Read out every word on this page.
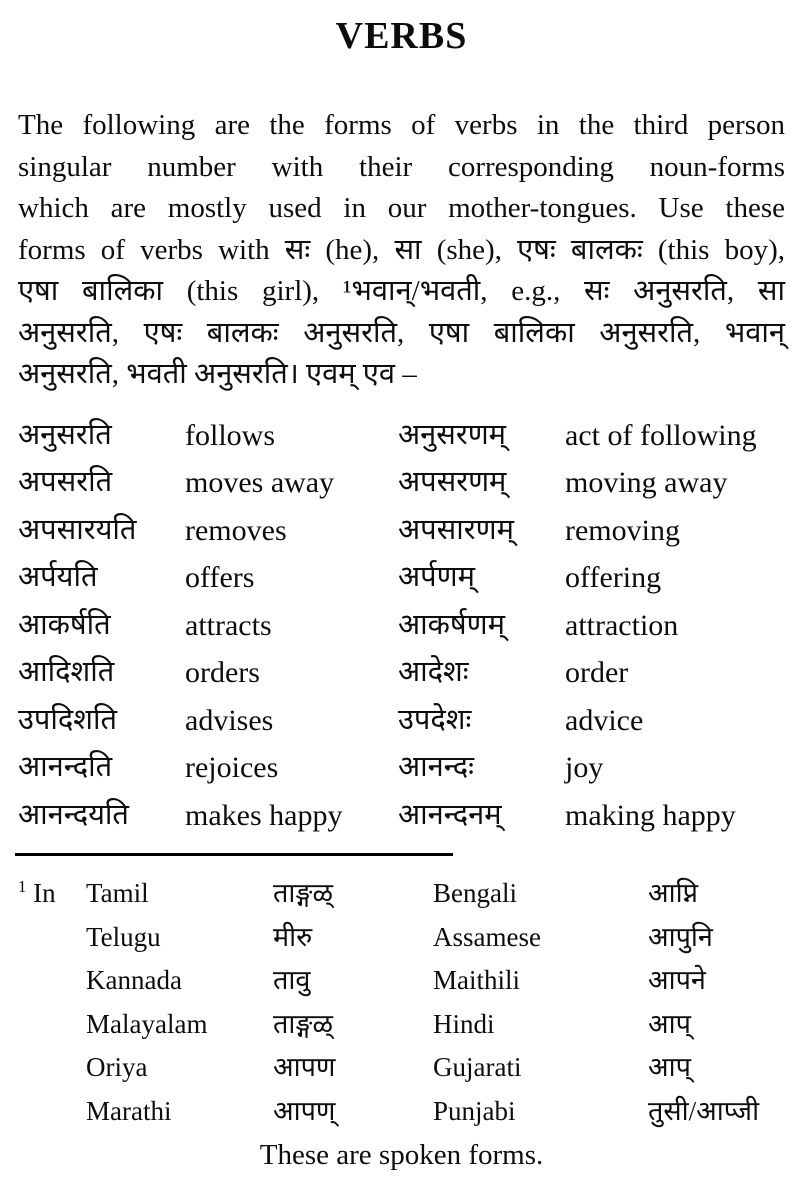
VERBS
The following are the forms of verbs in the third person
singular number with their corresponding noun-forms
which are mostly used in our mother-tongues. Use these
forms of verbs with सः (he), सा (she), एषः बालकः (this boy),
एषा बालिका (this girl), ¹भवान्/भवती, e.g., सः अनुसरति, सा
अनुसरति, एषः बालकः अनुसरति, एषा बालिका अनुसरति, भवान्
अनुसरति, भवती अनुसरति। एवम् एव –
अनुसरति	follows	अनुसरणम्	act of following
अपसरति	moves away	अपसरणम्	moving away
अपसारयति	removes	अपसारणम्	removing
अर्पयति	offers	अर्पणम्	offering
आकर्षति	attracts	आकर्षणम्	attraction
आदिशति	orders	आदेशः	order
उपदिशति	advises	उपदेशः	advice
आनन्दति	rejoices	आनन्दः	joy
आनन्दयति	makes happy	आनन्दनम्	making happy
$^1$ In	Tamil	ताङ्गळ्	Bengali	आप्नि
Telugu	मीरु	Assamese	आपुनि
Kannada	तावु	Maithili	आपने
Malayalam	ताङ्गळ्	Hindi	आप्
Oriya	आपण	Gujarati	आप्
Marathi	आपण्	Punjabi	तुसी/आप्जी
These are spoken forms.
